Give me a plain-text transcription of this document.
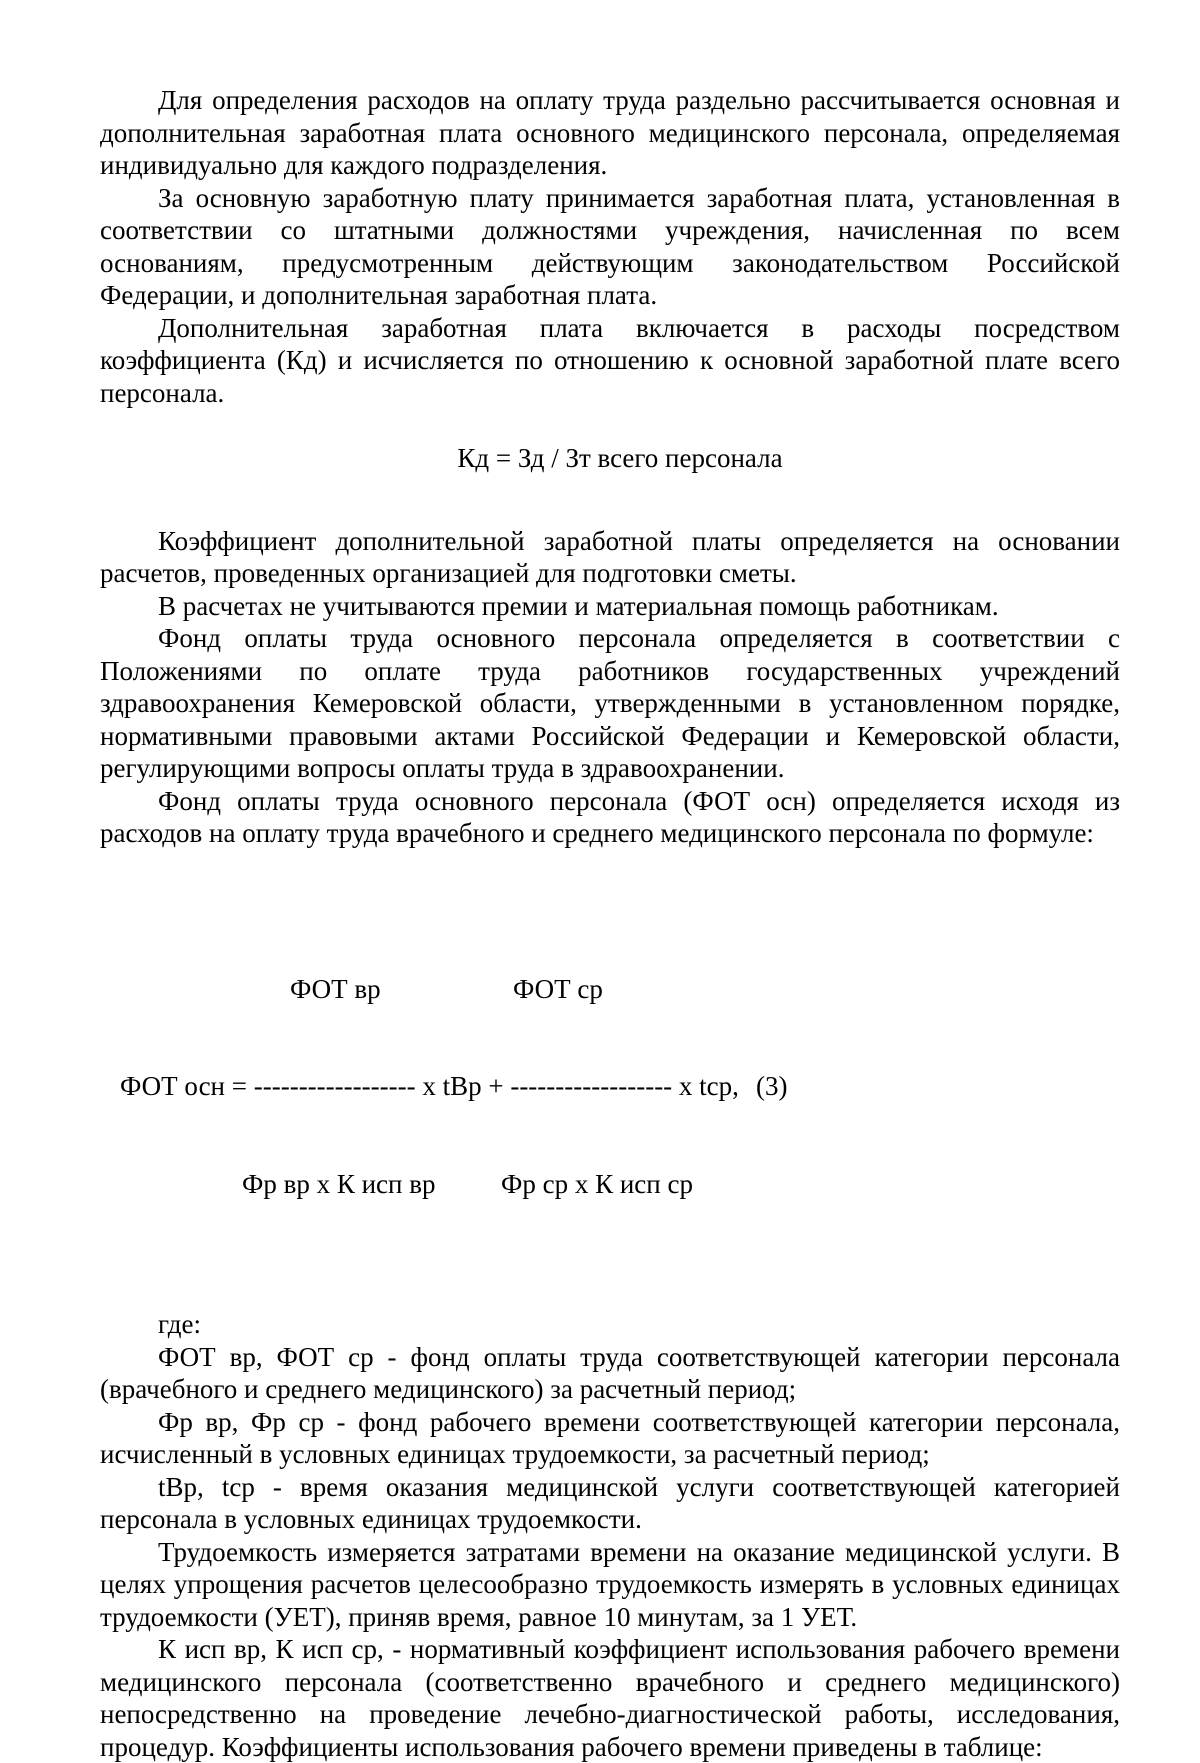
Для определения расходов на оплату труда раздельно рассчитывается основная и дополнительная заработная плата основного медицинского персонала, определяемая индивидуально для каждого подразделения.

За основную заработную плату принимается заработная плата, установленная в соответствии со штатными должностями учреждения, начисленная по всем основаниям, предусмотренным действующим законодательством Российской Федерации, и дополнительная заработная плата.

Дополнительная заработная плата включается в расходы посредством коэффициента (Кд) и исчисляется по отношению к основной заработной плате всего персонала.

Кд = Зд / Зт всего персонала

Коэффициент дополнительной заработной платы определяется на основании расчетов, проведенных организацией для подготовки сметы.

В расчетах не учитываются премии и материальная помощь работникам.

Фонд оплаты труда основного персонала определяется в соответствии с Положениями по оплате труда работников государственных учреждений здравоохранения Кемеровской области, утвержденными в установленном порядке, нормативными правовыми актами Российской Федерации и Кемеровской области, регулирующими вопросы оплаты труда в здравоохранении.

Фонд оплаты труда основного персонала (ФОТ осн) определяется исходя из расходов на оплату труда врачебного и среднего медицинского персонала по формуле:

ФОТ вр

	ФОТ ср

ФОТ осн = ------------------ х tВр + ------------------ х tср,

(3)

Фр вр х К исп вр

Фр ср х К исп ср

где:

ФОТ вр, ФОТ ср - фонд оплаты труда соответствующей категории персонала (врачебного и среднего медицинского) за расчетный период;

Фр вр, Фр ср - фонд рабочего времени соответствующей категории персонала, исчисленный в условных единицах трудоемкости, за расчетный период;

tВр, tср - время оказания медицинской услуги соответствующей категорией персонала в условных единицах трудоемкости.

Трудоемкость измеряется затратами времени на оказание медицинской услуги. В целях упрощения расчетов целесообразно трудоемкость измерять в условных единицах трудоемкости (УЕТ), приняв время, равное 10 минутам, за 1 УЕТ.

К исп вр, К исп ср, - нормативный коэффициент использования рабочего времени медицинского персонала (соответственно врачебного и среднего медицинского) непосредственно на проведение лечебно-диагностической работы, исследования, процедур. Коэффициенты использования рабочего времени приведены в таблице:
